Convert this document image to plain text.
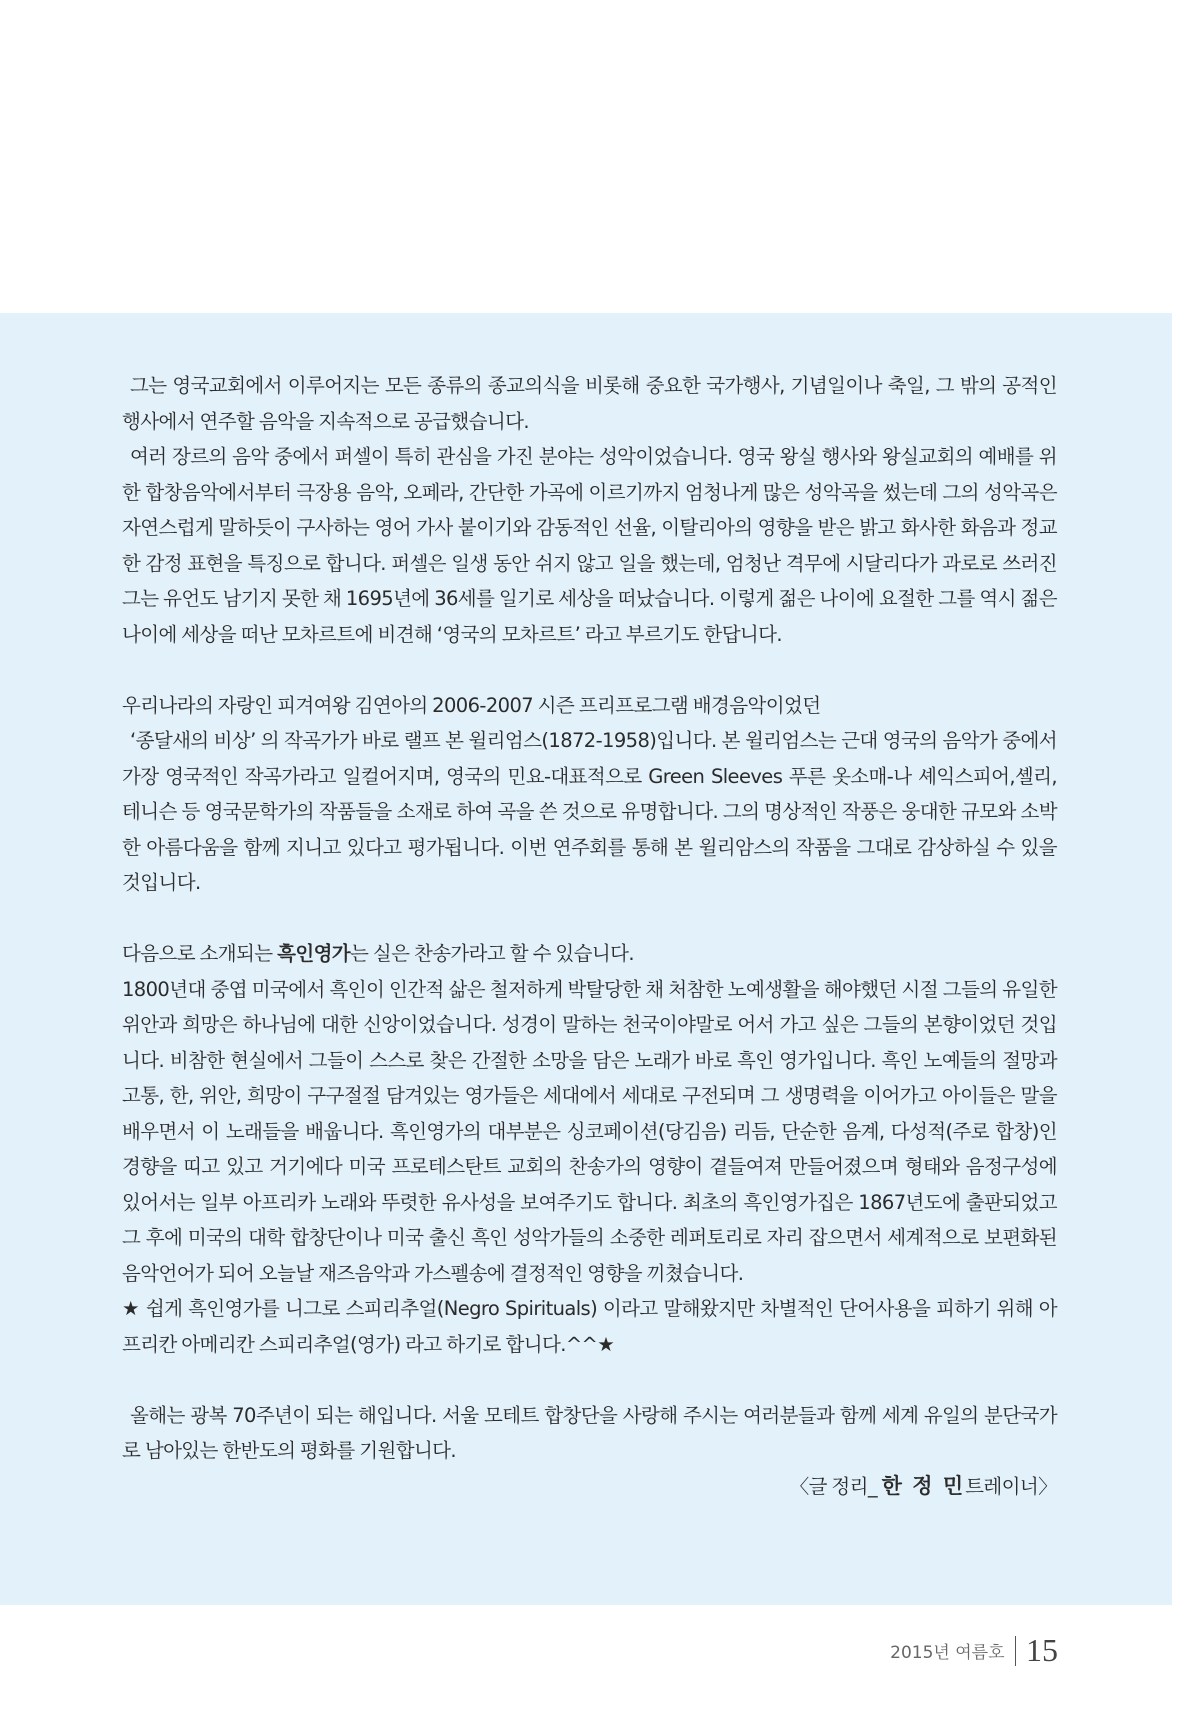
그는 영국교회에서 이루어지는 모든 종류의 종교의식을 비롯해 중요한 국가행사, 기념일이나 축일, 그 밖의 공적인 행사에서 연주할 음악을 지속적으로 공급했습니다.

여러 장르의 음악 중에서 퍼셀이 특히 관심을 가진 분야는 성악이었습니다. 영국 왕실 행사와 왕실교회의 예배를 위한 합창음악에서부터 극장용 음악, 오페라, 간단한 가곡에 이르기까지 엄청나게 많은 성악곡을 썼는데 그의 성악곡은 자연스럽게 말하듯이 구사하는 영어 가사 붙이기와 감동적인 선율, 이탈리아의 영향을 받은 밝고 화사한 화음과 정교한 감정 표현을 특징으로 합니다. 퍼셀은 일생 동안 쉬지 않고 일을 했는데, 엄청난 격무에 시달리다가 과로로 쓰러진 그는 유언도 남기지 못한 채 1695년에 36세를 일기로 세상을 떠났습니다. 이렇게 젊은 나이에 요절한 그를 역시 젊은 나이에 세상을 떠난 모차르트에 비견해 ‘영국의 모차르트’ 라고 부르기도 한답니다.

우리나라의 자랑인 피겨여왕 김연아의 2006-2007 시즌 프리프로그램 배경음악이었던

‘종달새의 비상’ 의 작곡가가 바로 랠프 본 윌리엄스(1872-1958)입니다. 본 윌리엄스는 근대 영국의 음악가 중에서 가장 영국적인 작곡가라고 일컬어지며, 영국의 민요-대표적으로 Green Sleeves 푸른 옷소매-나 셰익스피어,셸리, 테니슨 등 영국문학가의 작품들을 소재로 하여 곡을 쓴 것으로 유명합니다. 그의 명상적인 작풍은 웅대한 규모와 소박한 아름다움을 함께 지니고 있다고 평가됩니다. 이번 연주회를 통해 본 윌리암스의 작품을 그대로 감상하실 수 있을 것입니다.

다음으로 소개되는 흑인영가는 실은 찬송가라고 할 수 있습니다.

1800년대 중엽 미국에서 흑인이 인간적 삶은 철저하게 박탈당한 채 처참한 노예생활을 해야했던 시절 그들의 유일한 위안과 희망은 하나님에 대한 신앙이었습니다. 성경이 말하는 천국이야말로 어서 가고 싶은 그들의 본향이었던 것입니다. 비참한 현실에서 그들이 스스로 찾은 간절한 소망을 담은 노래가 바로 흑인 영가입니다. 흑인 노예들의 절망과 고통, 한, 위안, 희망이 구구절절 담겨있는 영가들은 세대에서 세대로 구전되며 그 생명력을 이어가고 아이들은 말을 배우면서 이 노래들을 배웁니다. 흑인영가의 대부분은 싱코페이션(당김음) 리듬, 단순한 음계, 다성적(주로 합창)인 경향을 띠고 있고 거기에다 미국 프로테스탄트 교회의 찬송가의 영향이 곁들여져 만들어졌으며 형태와 음정구성에 있어서는 일부 아프리카 노래와 뚜렷한 유사성을 보여주기도 합니다. 최초의 흑인영가집은 1867년도에 출판되었고 그 후에 미국의 대학 합창단이나 미국 출신 흑인 성악가들의 소중한 레퍼토리로 자리 잡으면서 세계적으로 보편화된 음악언어가 되어 오늘날 재즈음악과 가스펠송에 결정적인 영향을 끼쳤습니다.

★ 쉽게 흑인영가를 니그로 스피리추얼(Negro Spirituals) 이라고 말해왔지만 차별적인 단어사용을 피하기 위해 아프리칸 아메리칸 스피리추얼(영가) 라고 하기로 합니다.^^★

올해는 광복 70주년이 되는 해입니다. 서울 모테트 합창단을 사랑해 주시는 여러분들과 함께 세계 유일의 분단국가로 남아있는 한반도의 평화를 기원합니다.

〈글 정리_ 한 정 민트레이너〉

2015년 여름호 15
